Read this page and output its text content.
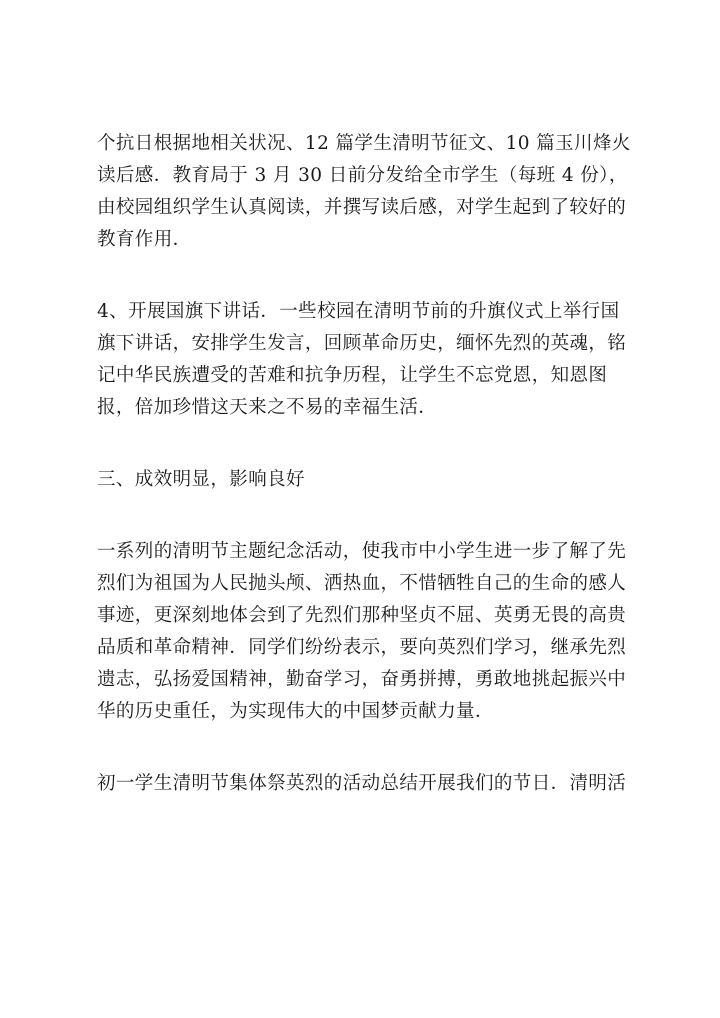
个抗日根据地相关状况、12 篇学生清明节征文、10 篇玉川烽火
读后感．教育局于 3 月 30 日前分发给全市学生（每班 4 份），
由校园组织学生认真阅读，并撰写读后感，对学生起到了较好的
教育作用．

4、开展国旗下讲话．一些校园在清明节前的升旗仪式上举行国
旗下讲话，安排学生发言，回顾革命历史，缅怀先烈的英魂，铭
记中华民族遭受的苦难和抗争历程，让学生不忘党恩，知恩图
报，倍加珍惜这天来之不易的幸福生活．

三、成效明显，影响良好

一系列的清明节主题纪念活动，使我市中小学生进一步了解了先
烈们为祖国为人民抛头颅、洒热血，不惜牺牲自己的生命的感人
事迹，更深刻地体会到了先烈们那种坚贞不屈、英勇无畏的高贵
品质和革命精神．同学们纷纷表示，要向英烈们学习，继承先烈
遗志，弘扬爱国精神，勤奋学习，奋勇拼搏，勇敢地挑起振兴中
华的历史重任，为实现伟大的中国梦贡献力量．

初一学生清明节集体祭英烈的活动总结开展我们的节日．清明活
